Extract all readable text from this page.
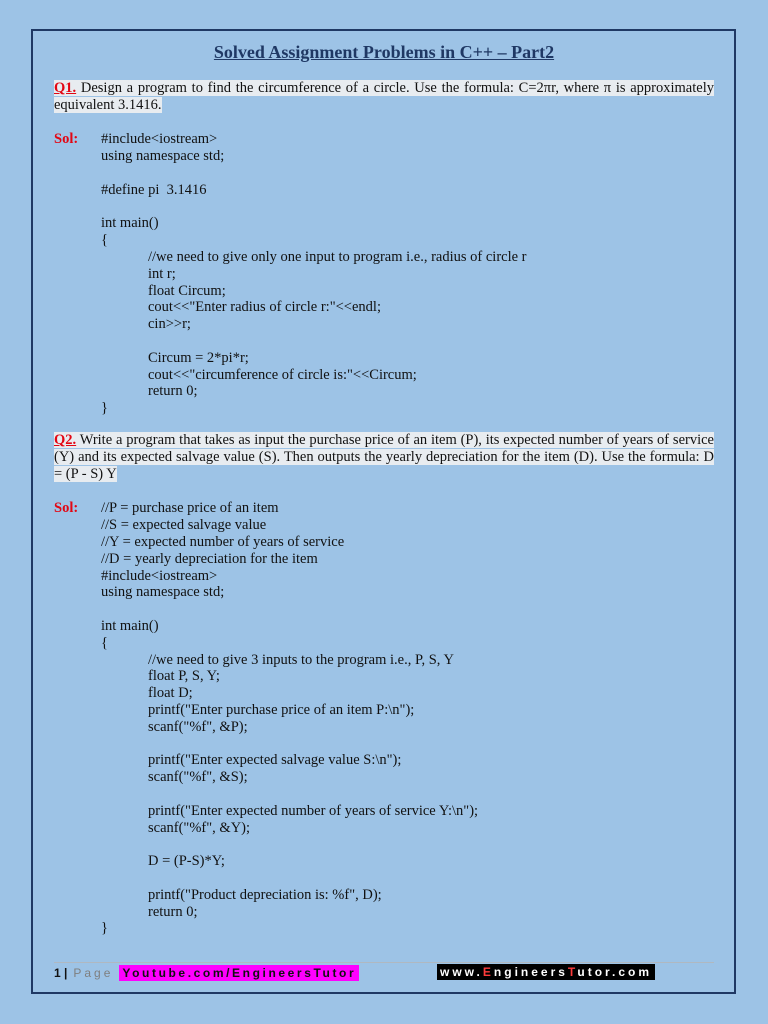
Solved Assignment Problems in C++ – Part2
Q1. Design a program to find the circumference of a circle. Use the formula: C=2πr, where π is approximately equivalent 3.1416.
Sol: #include<iostream>
using namespace std;
#define pi  3.1416
int main()
{
//we need to give only one input to program i.e., radius of circle r
int r;
float Circum;
cout<<"Enter radius of circle r:"<<endl;
cin>>r;
Circum = 2*pi*r;
cout<<"circumference of circle is:"<<Circum;
return 0;
}
Q2. Write a program that takes as input the purchase price of an item (P), its expected number of years of service (Y) and its expected salvage value (S). Then outputs the yearly depreciation for the item (D). Use the formula: D = (P - S) Y
Sol: //P = purchase price of an item
//S = expected salvage value
//Y = expected number of years of service
//D = yearly depreciation for the item
#include<iostream>
using namespace std;
int main()
{
//we need to give 3 inputs to the program i.e., P, S, Y
float P, S, Y;
float D;
printf("Enter purchase price of an item P:\n");
scanf("%f", &P);
printf("Enter expected salvage value S:\n");
scanf("%f", &S);
printf("Enter expected number of years of service Y:\n");
scanf("%f", &Y);
D = (P-S)*Y;
printf("Product depreciation is: %f", D);
return 0;
}
1 | Page Youtube.com/EngineersTutor	www.EngineersTutor.com
